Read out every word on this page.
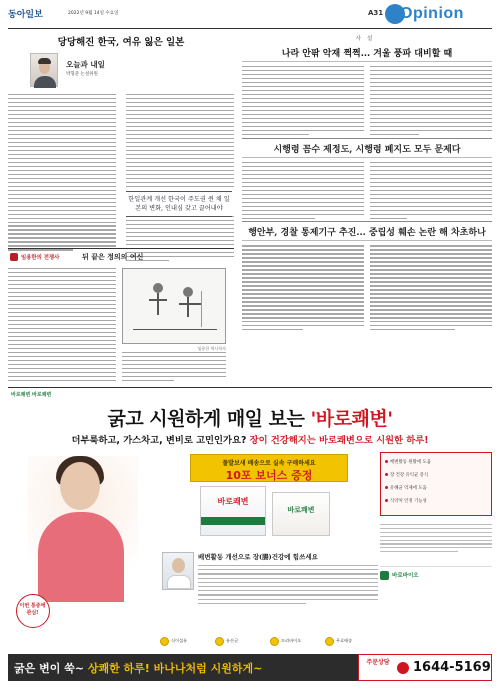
동아일보	2022년 9월 14일 수요일	A31 Opinion
당당해진 한국, 여유 잃은 일본
오늘과 내일
박형준 논설위원

한일관계 개선 한국이 주도권 쥔 채 일본의 변화, 인내심 갖고 끌어내야

임용한의 전쟁사	뒤 끝은 정의의 여신
임용한 역사학자
사설
나라 안팎 악재 쩍쩍... 겨울 풍파 대비할 때
시행령 꼼수 제정도, 시행령 폐지도 모두 문제다
행안부, 경찰 통제기구 추진... 중립성 훼손 논란 해 차초하나
바로쾌변 바로쾌변
굵고 시원하게 매일 보는 '바로쾌변'
더부룩하고, 가스차고, 변비로 고민인가요? 장이 건강해지는 바로쾌변으로 시원한 하루!
이번 통증에 관심!
풀발보새 배송으로 실속 구매하세요
10포 보너스 증정
바로쾌변
바로쾌변
배변활동 개선으로 장(腸)건강에 힘쓰세요
배변활동 원활에 도움
장 건강 유익균 증식
유해균 억제에 도움
식약처 인정 기능성
바로바이오
식이섬유	유산균	프리바이오	무료배송
굵은 변이 쑥~ 상쾌한 하루! 바나나처럼 시원하게~	주문상담 1644-5169
